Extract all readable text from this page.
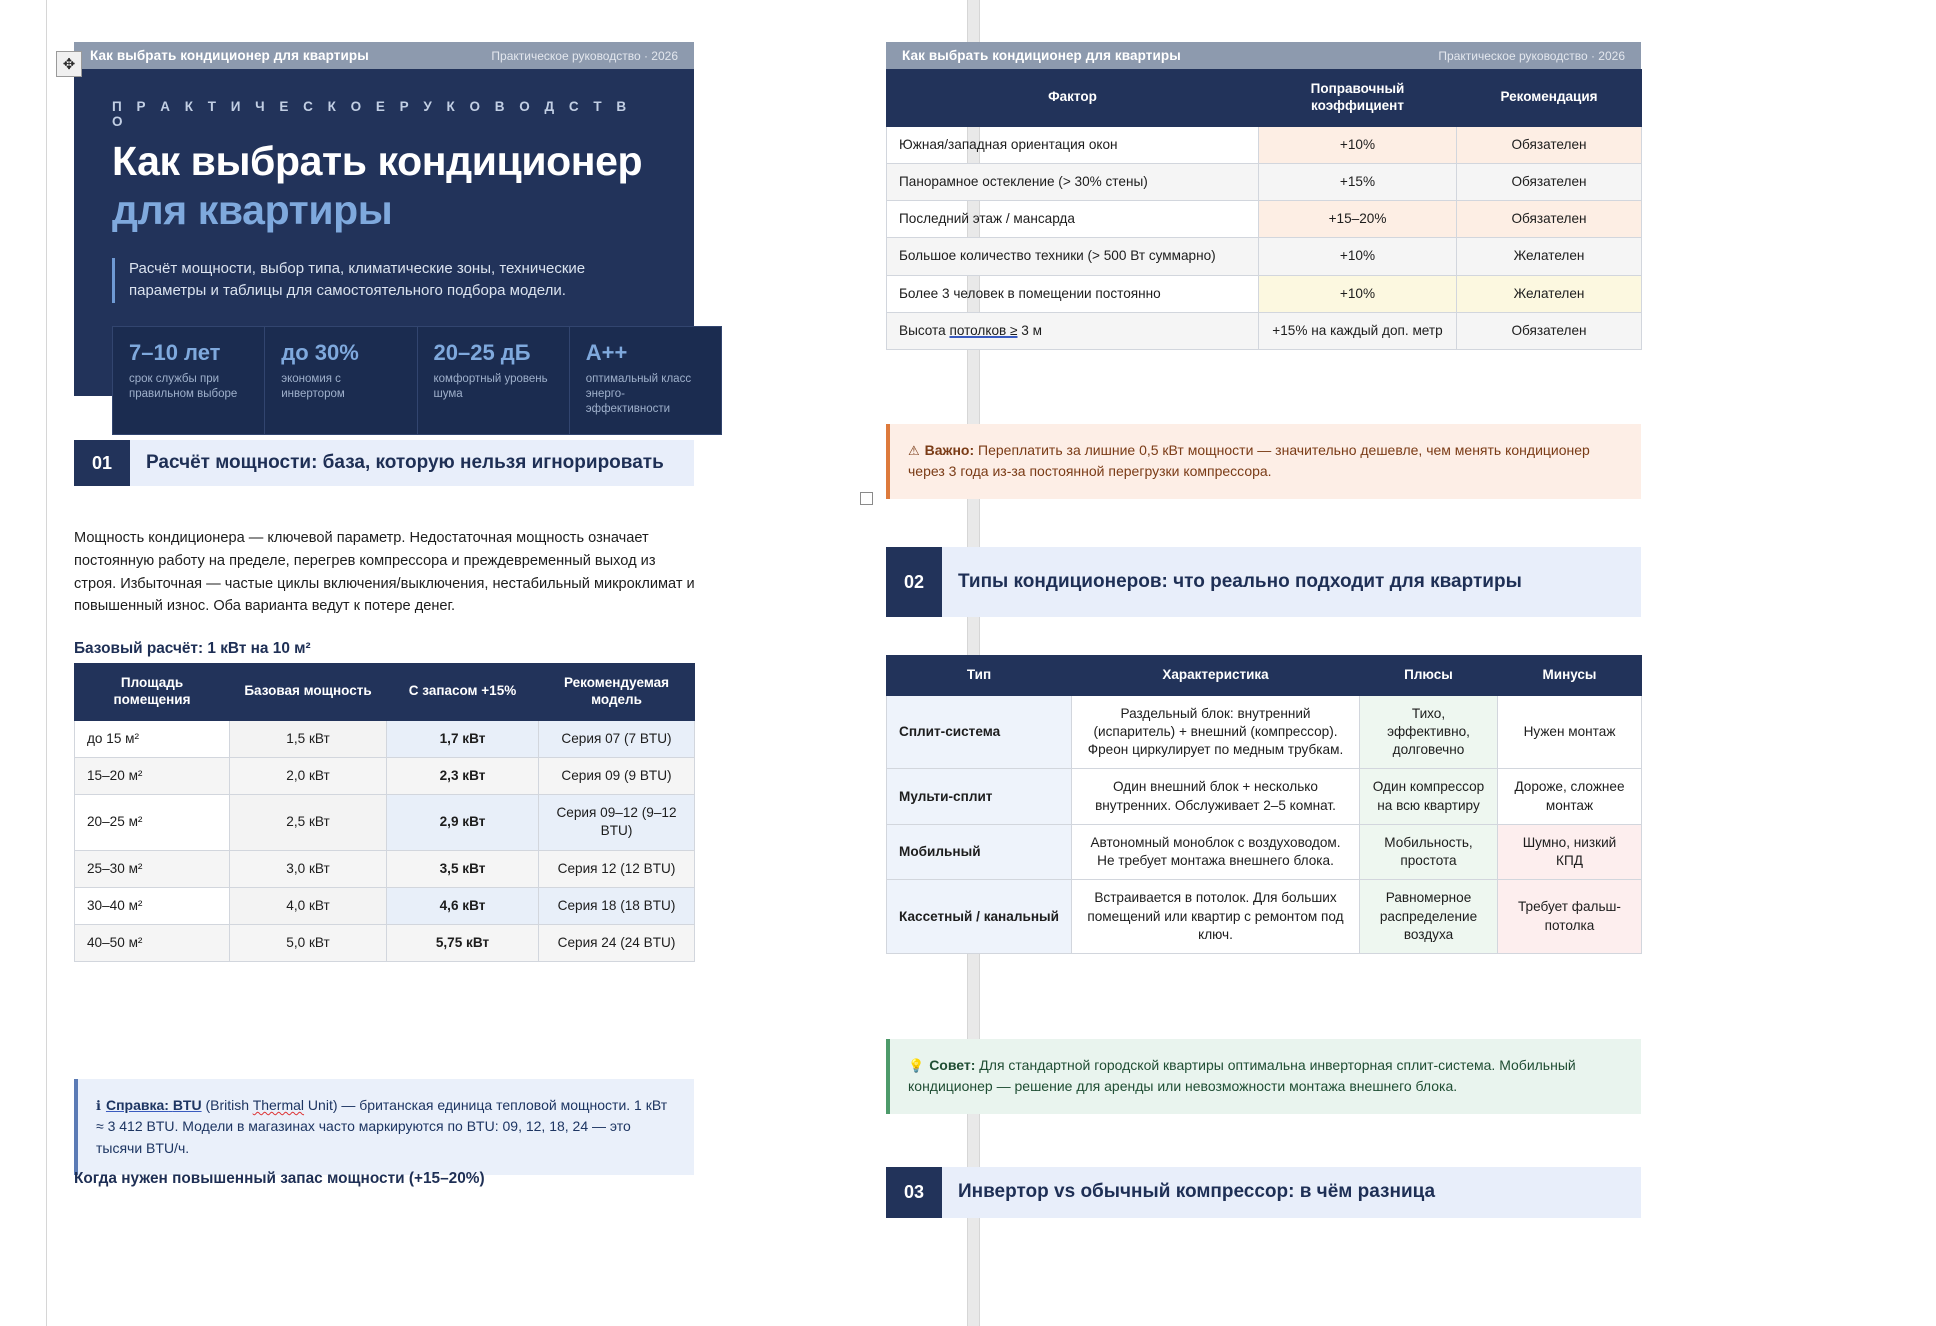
✥	Как выбрать кондиционер для квартиры	Практическое руководство · 2026
П Р А К Т И Ч Е С К О Е Р У К О В О Д С Т В О
Как выбрать кондиционер
для квартиры

Расчёт мощности, выбор типа, климатические зоны, технические параметры и таблицы для самостоятельного подбора модели.

7–10 лет
срок службы при правильном выборе
до 30%
экономия с инвертором
20–25 дБ
комфортный уровень шума
A++
оптимальный класс энерго-эффективности
01	Расчёт мощности: база, которую нельзя игнорировать
Мощность кондиционера — ключевой параметр. Недостаточная мощность означает постоянную работу на пределе, перегрев компрессора и преждевременный выход из строя. Избыточная — частые циклы включения/выключения, нестабильный микроклимат и повышенный износ. Оба варианта ведут к потере денег.
Базовый расчёт: 1 кВт на 10 м²
Площадь помещения	Базовая мощность	С запасом +15%	Рекомендуемая модель
до 15 м²	1,5 кВт	1,7 кВт	Серия 07 (7 BTU)
15–20 м²	2,0 кВт	2,3 кВт	Серия 09 (9 BTU)
20–25 м²	2,5 кВт	2,9 кВт	Серия 09–12 (9–12 BTU)
25–30 м²	3,0 кВт	3,5 кВт	Серия 12 (12 BTU)
30–40 м²	4,0 кВт	4,6 кВт	Серия 18 (18 BTU)
40–50 м²	5,0 кВт	5,75 кВт	Серия 24 (24 BTU)
ℹ Справка: BTU (British Thermal Unit) — британская единица тепловой мощности. 1 кВт ≈ 3 412 BTU. Модели в магазинах часто маркируются по BTU: 09, 12, 18, 24 — это тысячи BTU/ч.
Когда нужен повышенный запас мощности (+15–20%)
Как выбрать кондиционер для квартиры	Практическое руководство · 2026
Фактор	Поправочный коэффициент	Рекомендация
Южная/западная ориентация окон	+10%	Обязателен
Панорамное остекление (> 30% стены)	+15%	Обязателен
Последний этаж / мансарда	+15–20%	Обязателен
Большое количество техники (> 500 Вт суммарно)	+10%	Желателен
Более 3 человек в помещении постоянно	+10%	Желателен
Высота потолков ≥ 3 м	+15% на каждый доп. метр	Обязателен
⚠ Важно: Переплатить за лишние 0,5 кВт мощности — значительно дешевле, чем менять кондиционер через 3 года из-за постоянной перегрузки компрессора.
02	Типы кондиционеров: что реально подходит для квартиры
Тип	Характеристика	Плюсы	Минусы
Сплит-система	Раздельный блок: внутренний (испаритель) + внешний (компрессор). Фреон циркулирует по медным трубкам.	Тихо, эффективно, долговечно	Нужен монтаж
Мульти-сплит	Один внешний блок + несколько внутренних. Обслуживает 2–5 комнат.	Один компрессор на всю квартиру	Дороже, сложнее монтаж
Мобильный	Автономный моноблок с воздуховодом. Не требует монтажа внешнего блока.	Мобильность, простота	Шумно, низкий КПД
Кассетный / канальный	Встраивается в потолок. Для больших помещений или квартир с ремонтом под ключ.	Равномерное распределение воздуха	Требует фальш-потолка
💡 Совет: Для стандартной городской квартиры оптимальна инверторная сплит-система. Мобильный кондиционер — решение для аренды или невозможности монтажа внешнего блока.
03	Инвертор vs обычный компрессор: в чём разница
